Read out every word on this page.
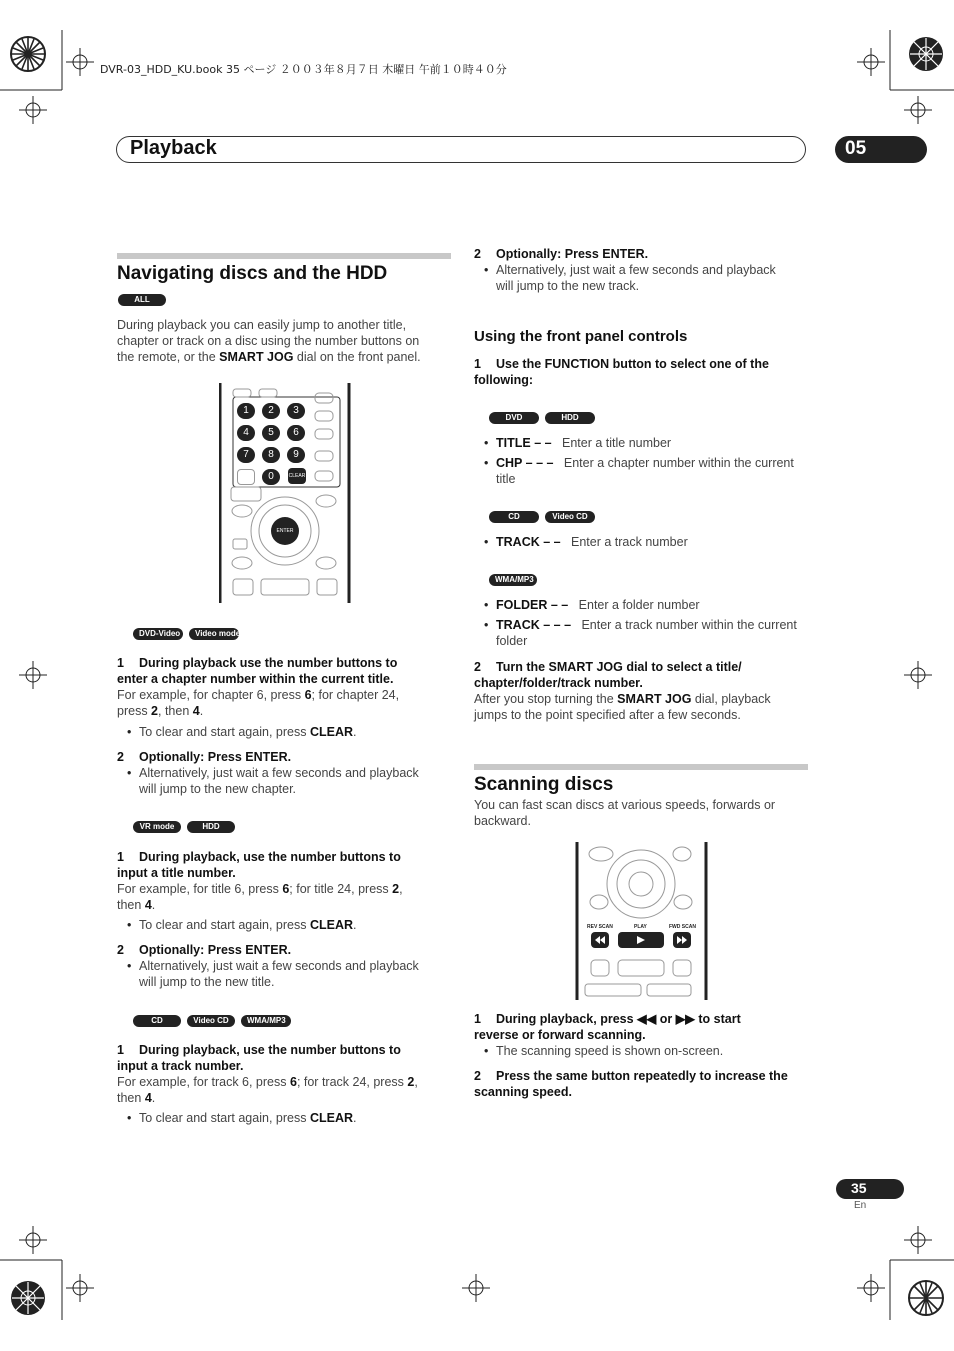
DVR-03_HDD_KU.book 35 ページ ２００３年８月７日 木曜日 午前１０時４０分
Playback	05
Navigating discs and the HDD
ALL
During playback you can easily jump to another title,
chapter or track on a disc using the number buttons on
the remote, or the SMART JOG dial on the front panel.
1	2	3
4	5	6
7	8	9
0	CLEAR
ENTER
DVD-Video Video mode
1 During playback use the number buttons to
enter a chapter number within the current title.
For example, for chapter 6, press 6; for chapter 24,
press 2, then 4.
• To clear and start again, press CLEAR.
2 Optionally: Press ENTER.
• Alternatively, just wait a few seconds and playback
will jump to the new chapter.
VR mode	HDD
1 During playback, use the number buttons to
input a title number.
For example, for title 6, press 6; for title 24, press 2,
then 4.
• To clear and start again, press CLEAR.
2 Optionally: Press ENTER.
• Alternatively, just wait a few seconds and playback
will jump to the new title.
CD	Video CD WMA/MP3
1 During playback, use the number buttons to
input a track number.
For example, for track 6, press 6; for track 24, press 2,
then 4.
• To clear and start again, press CLEAR.
2 Optionally: Press ENTER.
• Alternatively, just wait a few seconds and playback
will jump to the new track.
Using the front panel controls
1 Use the FUNCTION button to select one of the
following:
DVD	HDD
• TITLE – – Enter a title number
• CHP – – – Enter a chapter number within the current
title
CD	Video CD
• TRACK – – Enter a track number
WMA/MP3
• FOLDER – – Enter a folder number
• TRACK – – – Enter a track number within the current
folder
2 Turn the SMART JOG dial to select a title/
chapter/folder/track number.
After you stop turning the SMART JOG dial, playback
jumps to the point specified after a few seconds.
Scanning discs
You can fast scan discs at various speeds, forwards or
backward.
REV SCAN	PLAY	FWD SCAN
1 During playback, press ◀◀ or ▶▶ to start
reverse or forward scanning.
• The scanning speed is shown on-screen.
2 Press the same button repeatedly to increase the
scanning speed.
35
En
